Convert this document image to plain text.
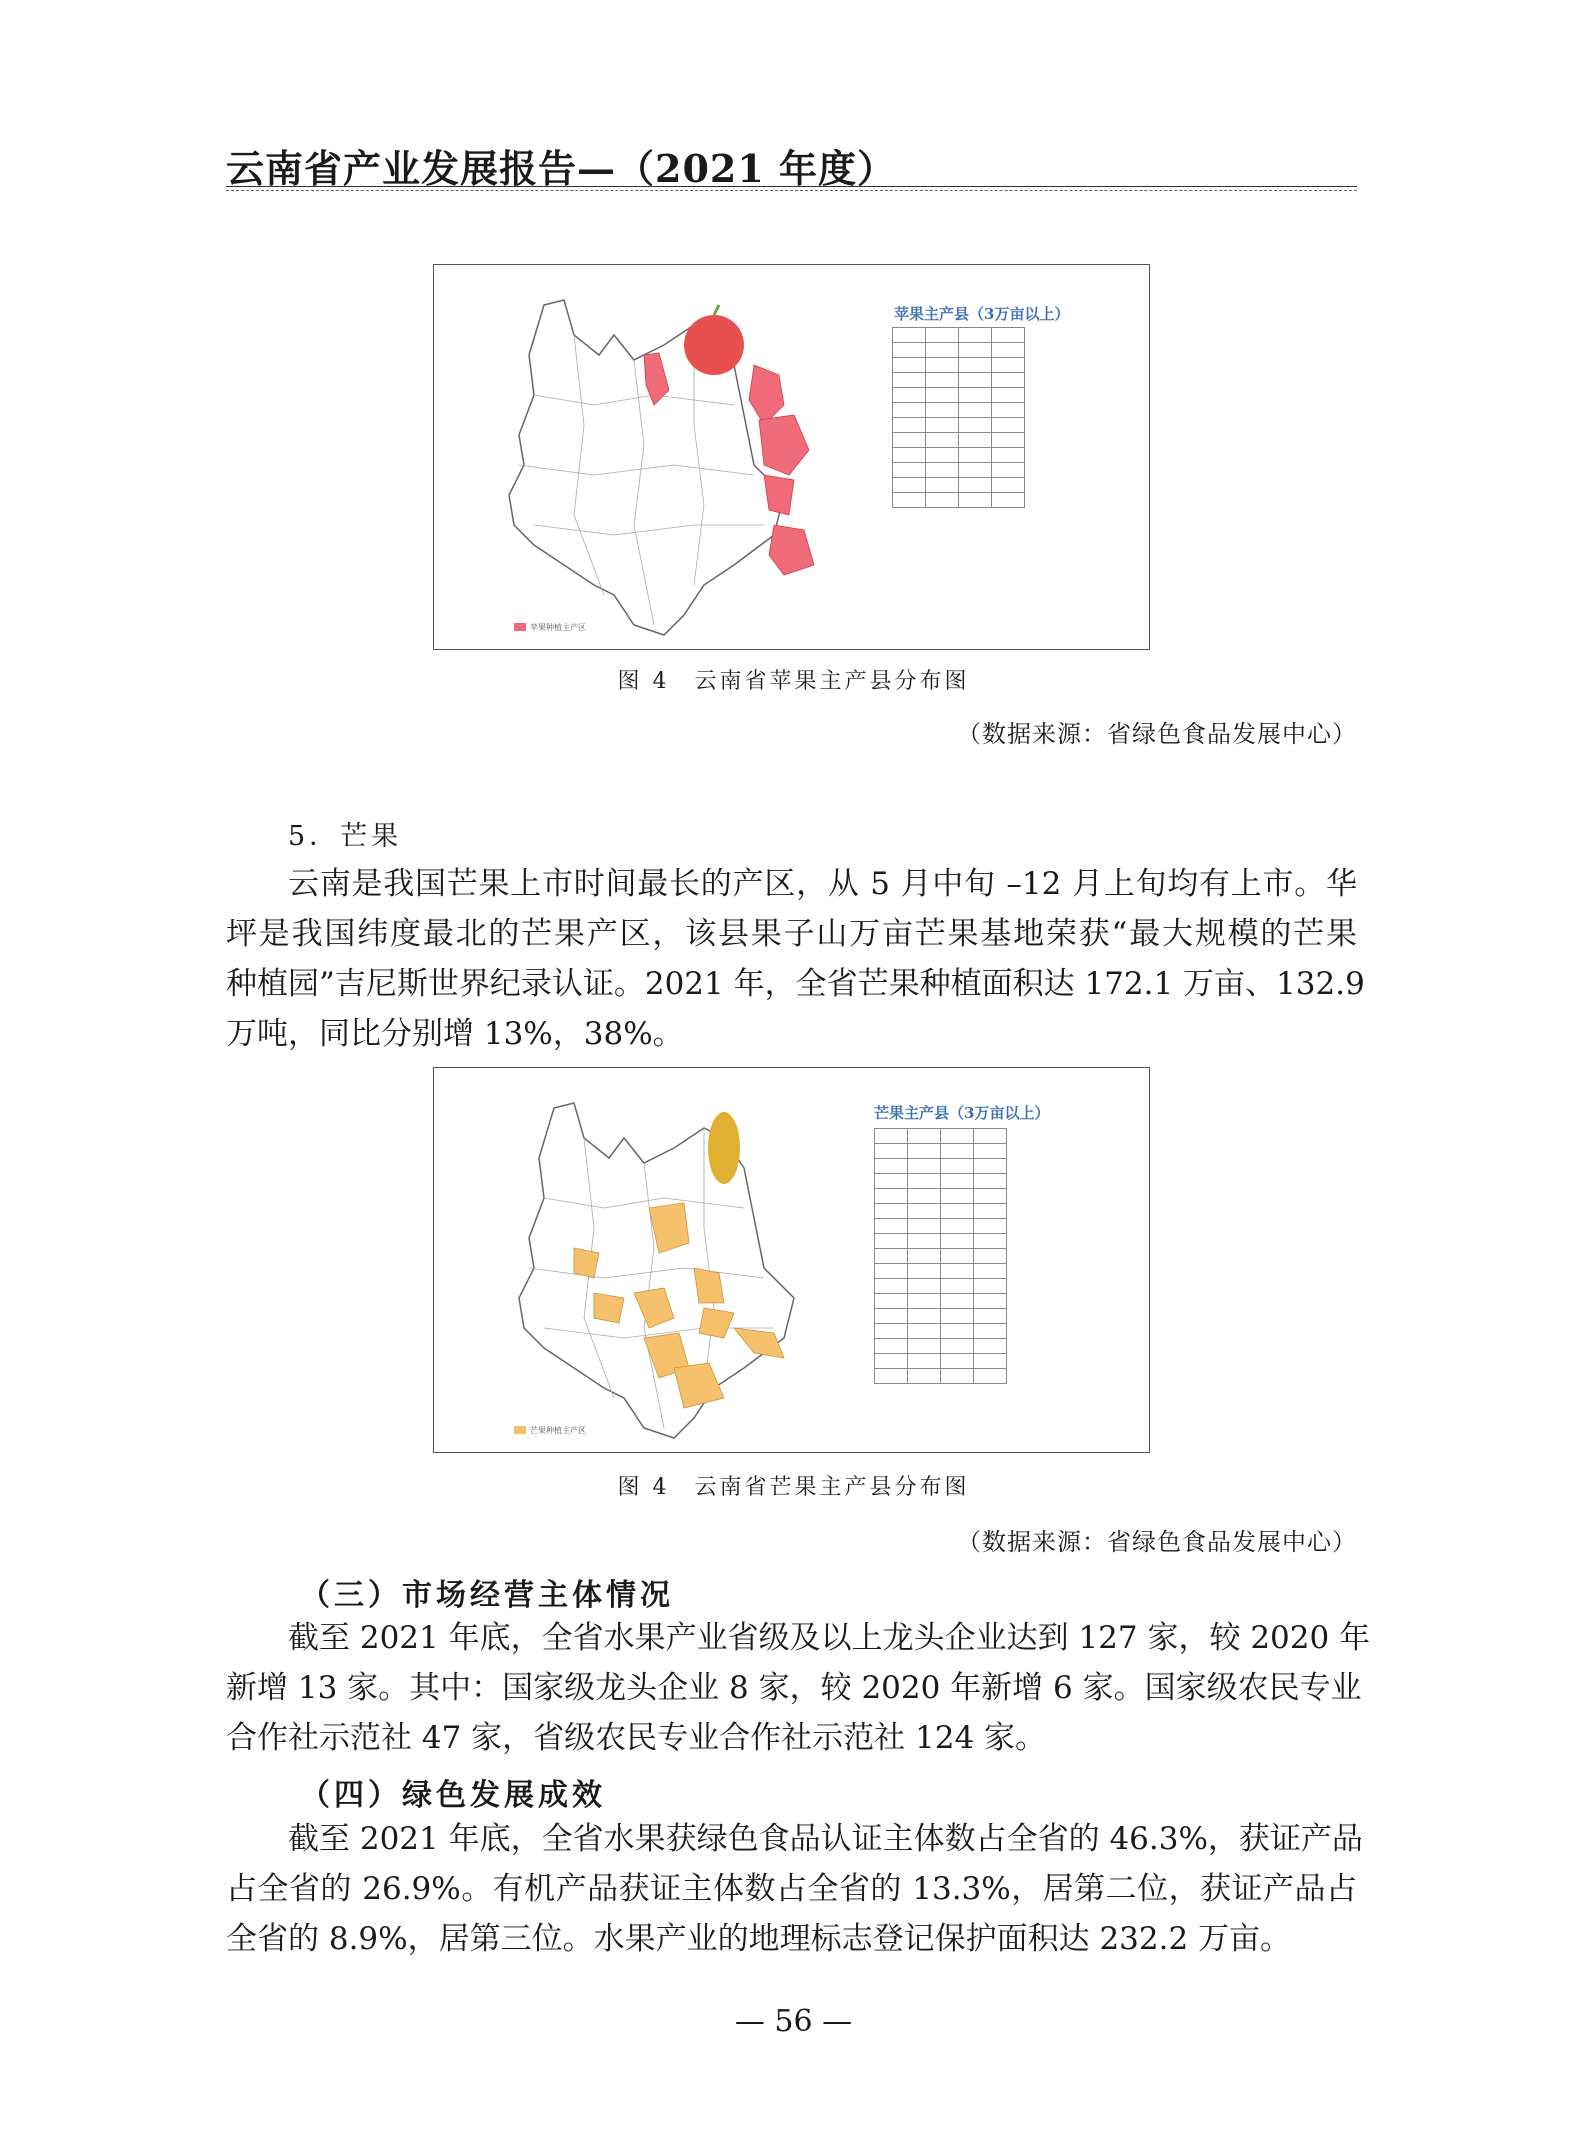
云南省产业发展报告—（2021 年度）
苹果主产县（3万亩以上）

苹果种植主产区
图 4　云南省苹果主产县分布图
（数据来源：省绿色食品发展中心）
5．芒果
云南是我国芒果上市时间最长的产区，从 5 月中旬 –12 月上旬均有上市。华
坪是我国纬度最北的芒果产区，该县果子山万亩芒果基地荣获“最大规模的芒果
种植园”吉尼斯世界纪录认证。2021 年，全省芒果种植面积达 172.1 万亩、132.9
万吨，同比分别增 13%，38%。
芒果主产县（3万亩以上）

芒果种植主产区
图 4　云南省芒果主产县分布图
（数据来源：省绿色食品发展中心）
（三）市场经营主体情况
截至 2021 年底，全省水果产业省级及以上龙头企业达到 127 家，较 2020 年
新增 13 家。其中：国家级龙头企业 8 家，较 2020 年新增 6 家。国家级农民专业
合作社示范社 47 家，省级农民专业合作社示范社 124 家。
（四）绿色发展成效
截至 2021 年底，全省水果获绿色食品认证主体数占全省的 46.3%，获证产品
占全省的 26.9%。有机产品获证主体数占全省的 13.3%，居第二位，获证产品占
全省的 8.9%，居第三位。水果产业的地理标志登记保护面积达 232.2 万亩。
— 56 —
